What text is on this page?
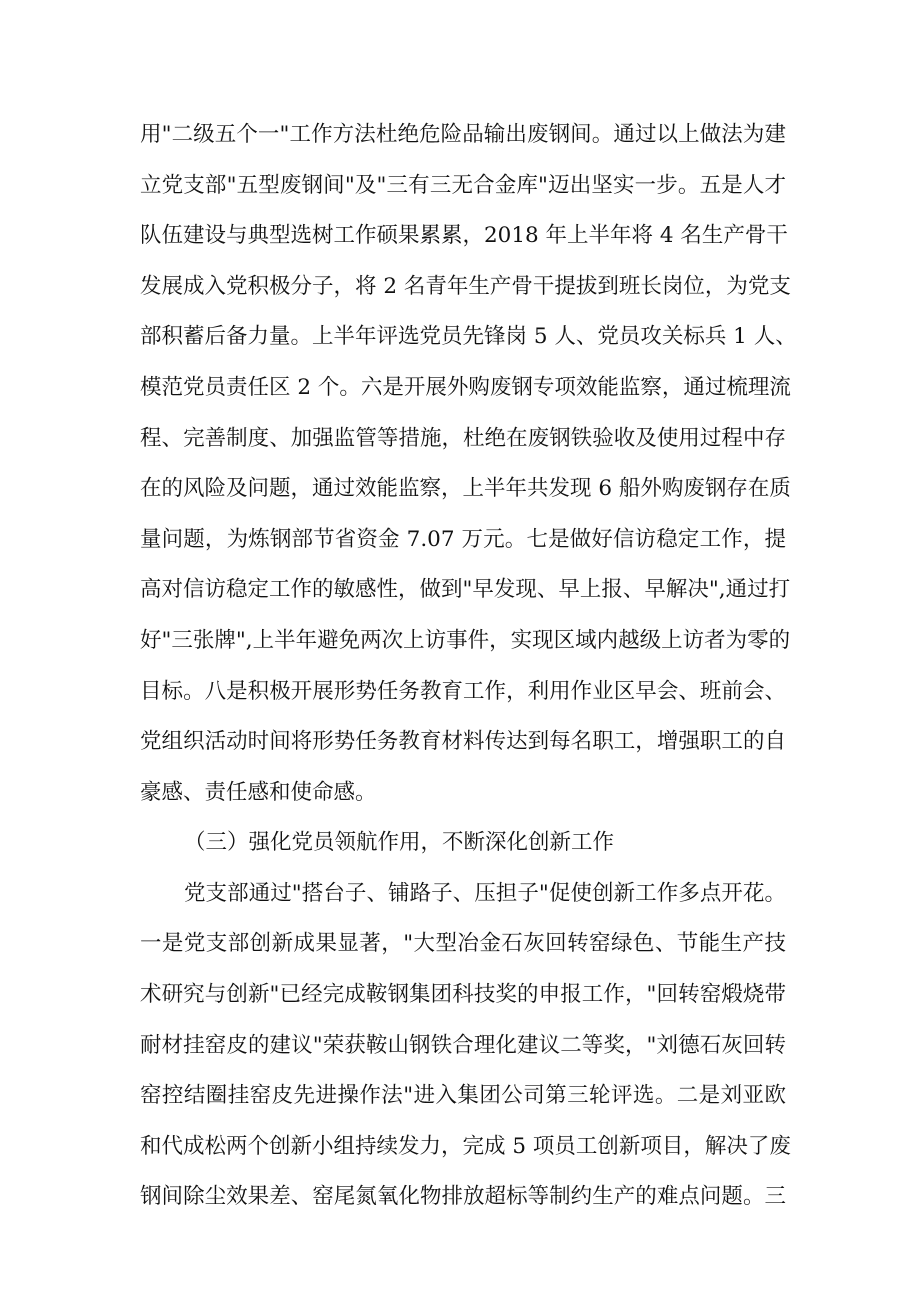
用"二级五个一"工作方法杜绝危险品输出废钢间。通过以上做法为建
立党支部"五型废钢间"及"三有三无合金库"迈出坚实一步。五是人才
队伍建设与典型选树工作硕果累累，2018 年上半年将 4 名生产骨干
发展成入党积极分子，将 2 名青年生产骨干提拔到班长岗位，为党支
部积蓄后备力量。上半年评选党员先锋岗 5 人、党员攻关标兵 1 人、
模范党员责任区 2 个。六是开展外购废钢专项效能监察，通过梳理流
程、完善制度、加强监管等措施，杜绝在废钢铁验收及使用过程中存
在的风险及问题，通过效能监察，上半年共发现 6 船外购废钢存在质
量问题，为炼钢部节省资金 7.07 万元。七是做好信访稳定工作，提
高对信访稳定工作的敏感性，做到"早发现、早上报、早解决",通过打
好"三张牌",上半年避免两次上访事件，实现区域内越级上访者为零的
目标。八是积极开展形势任务教育工作，利用作业区早会、班前会、
党组织活动时间将形势任务教育材料传达到每名职工，增强职工的自
豪感、责任感和使命感。
（三）强化党员领航作用，不断深化创新工作
党支部通过"搭台子、铺路子、压担子"促使创新工作多点开花。
一是党支部创新成果显著，"大型冶金石灰回转窑绿色、节能生产技
术研究与创新"已经完成鞍钢集团科技奖的申报工作，"回转窑煅烧带
耐材挂窑皮的建议"荣获鞍山钢铁合理化建议二等奖，"刘德石灰回转
窑控结圈挂窑皮先进操作法"进入集团公司第三轮评选。二是刘亚欧
和代成松两个创新小组持续发力，完成 5 项员工创新项目，解决了废
钢间除尘效果差、窑尾氮氧化物排放超标等制约生产的难点问题。三
